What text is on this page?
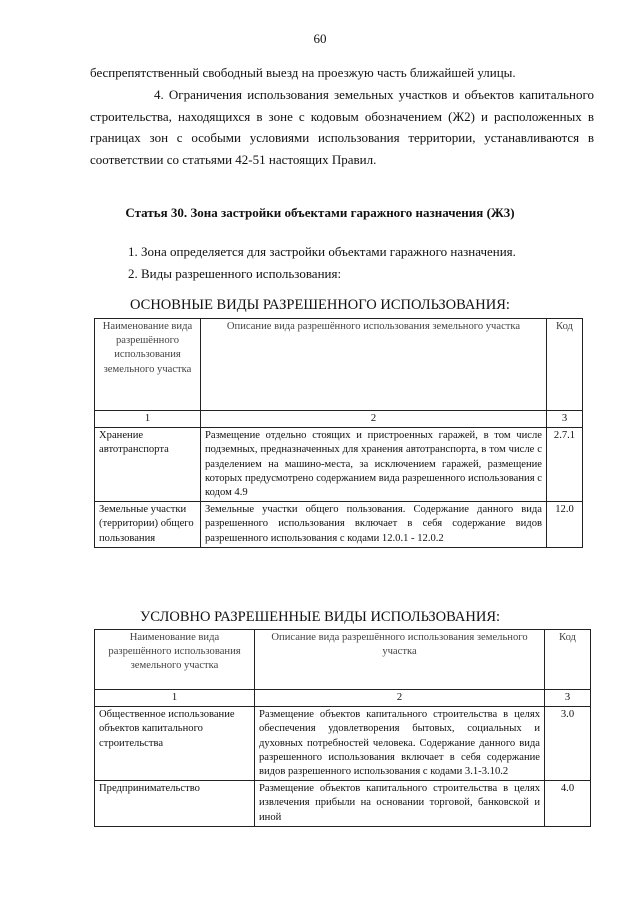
60
беспрепятственный свободный выезд на проезжую часть ближайшей улицы.
4. Ограничения использования земельных участков и объектов капитального строительства, находящихся в зоне с кодовым обозначением (Ж2) и расположенных в границах зон с особыми условиями использования территории, устанавливаются в соответствии со статьями 42-51 настоящих Правил.
Статья 30. Зона застройки объектами гаражного назначения (Ж3)
1. Зона определяется для застройки объектами гаражного назначения.
2. Виды разрешенного использования:
ОСНОВНЫЕ ВИДЫ РАЗРЕШЕННОГО ИСПОЛЬЗОВАНИЯ:
Наименование вида разрешённого использования земельного участка	Описание вида разрешённого использования земельного участка	Код
1	2	3
Хранение автотранспорта	Размещение отдельно стоящих и пристроенных гаражей, в том числе подземных, предназначенных для хранения автотранспорта, в том числе с разделением на машино-места, за исключением гаражей, размещение которых предусмотрено содержанием вида разрешенного использования с кодом 4.9	2.7.1
Земельные участки (территории) общего пользования	Земельные участки общего пользования. Содержание данного вида разрешенного использования включает в себя содержание видов разрешенного использования с кодами 12.0.1 - 12.0.2	12.0
УСЛОВНО РАЗРЕШЕННЫЕ ВИДЫ ИСПОЛЬЗОВАНИЯ:
Наименование вида разрешённого использования земельного участка	Описание вида разрешённого использования земельного участка	Код
1	2	3
Общественное использование объектов капитального строительства	Размещение объектов капитального строительства в целях обеспечения удовлетворения бытовых, социальных и духовных потребностей человека. Содержание данного вида разрешенного использования включает в себя содержание видов разрешенного использования с кодами 3.1-3.10.2	3.0
Предпринимательство	Размещение объектов капитального строительства в целях извлечения прибыли на основании торговой, банковской и иной	4.0
